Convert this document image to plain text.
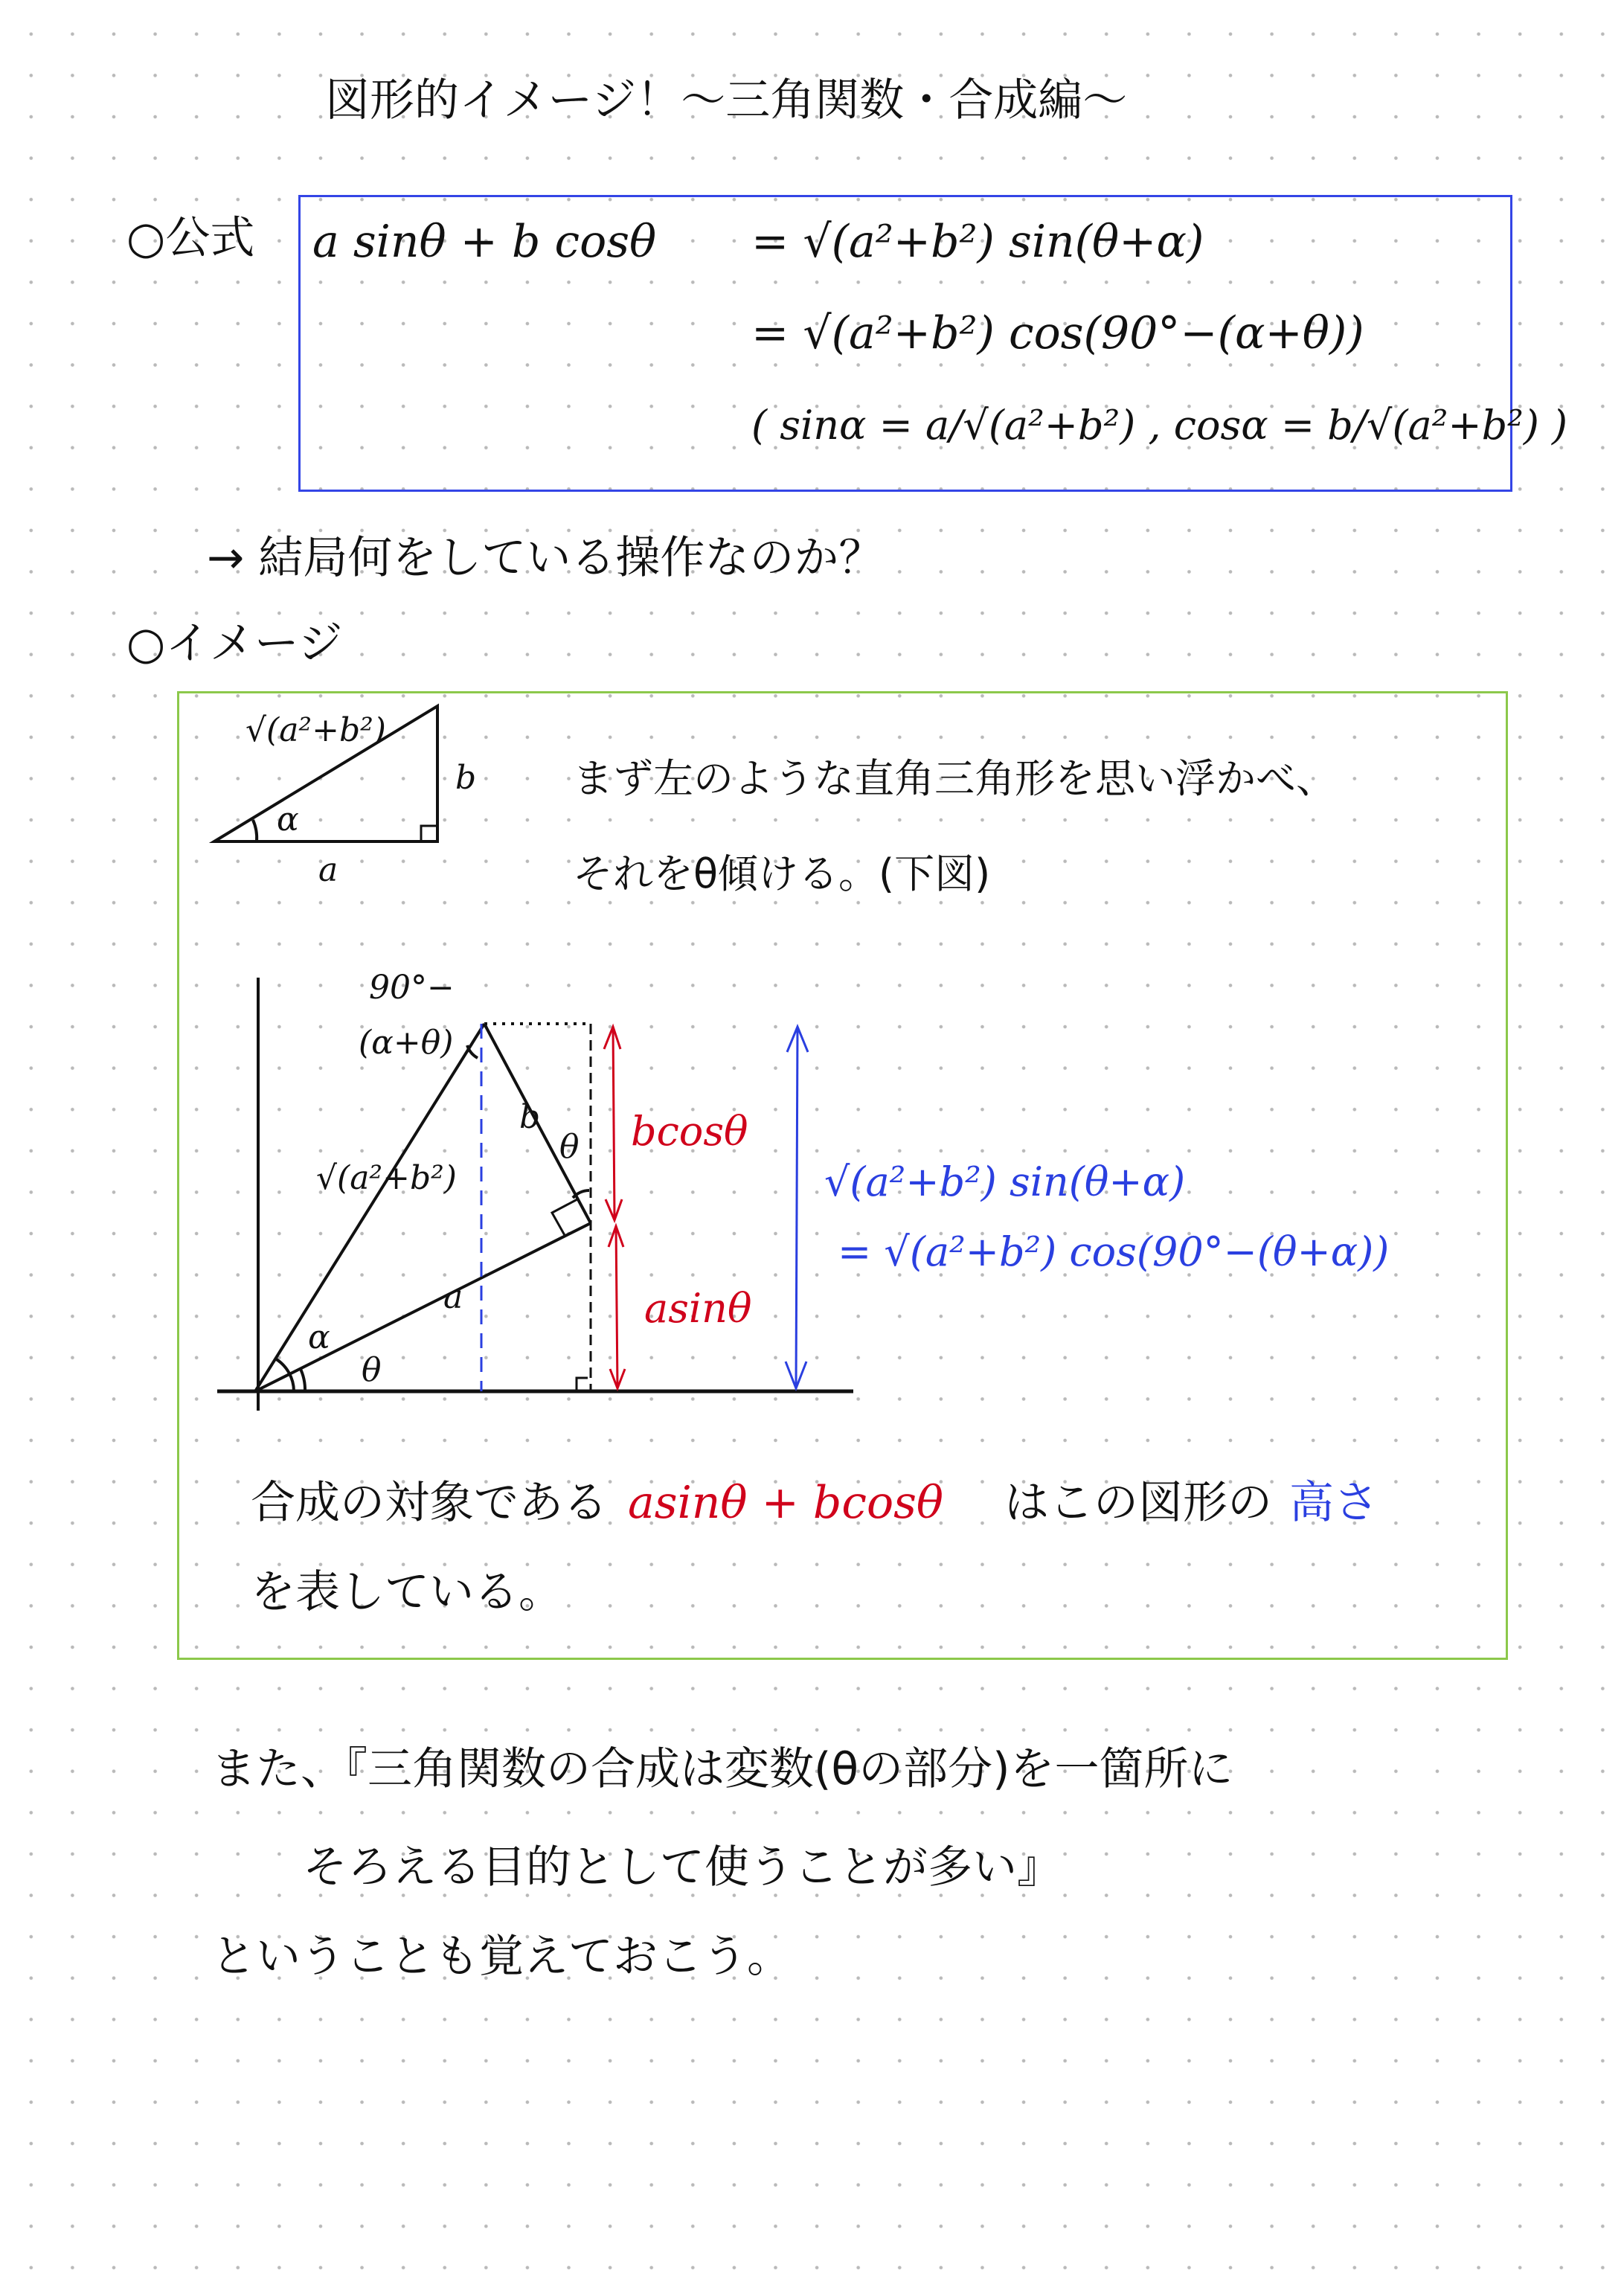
図形的イメージ！〜三角関数・合成編〜
○公式 a sinθ + b cosθ = √(a²+b²) sin(θ+α)
= √(a²+b²) cos(90°−(α+θ))
( sinα = a/√(a²+b²) , cosα = b/√(a²+b²) )
→ 結局何をしている操作なのか？
○イメージ
√(a²+b²)
b
α
a
まず左のような直角三角形を思い浮かべ、
それをθ傾ける。(下図)
90°−
(α+θ)
b
θ
√(a²+b²)
a
α
θ
bcosθ
asinθ
√(a²+b²) sin(θ+α)
= √(a²+b²) cos(90°−(θ+α))
合成の対象である asinθ + bcosθ はこの図形の 高さ
を表している。
また、『三角関数の合成は変数(θの部分)を一箇所に
そろえる目的として使うことが多い』
ということも覚えておこう。
